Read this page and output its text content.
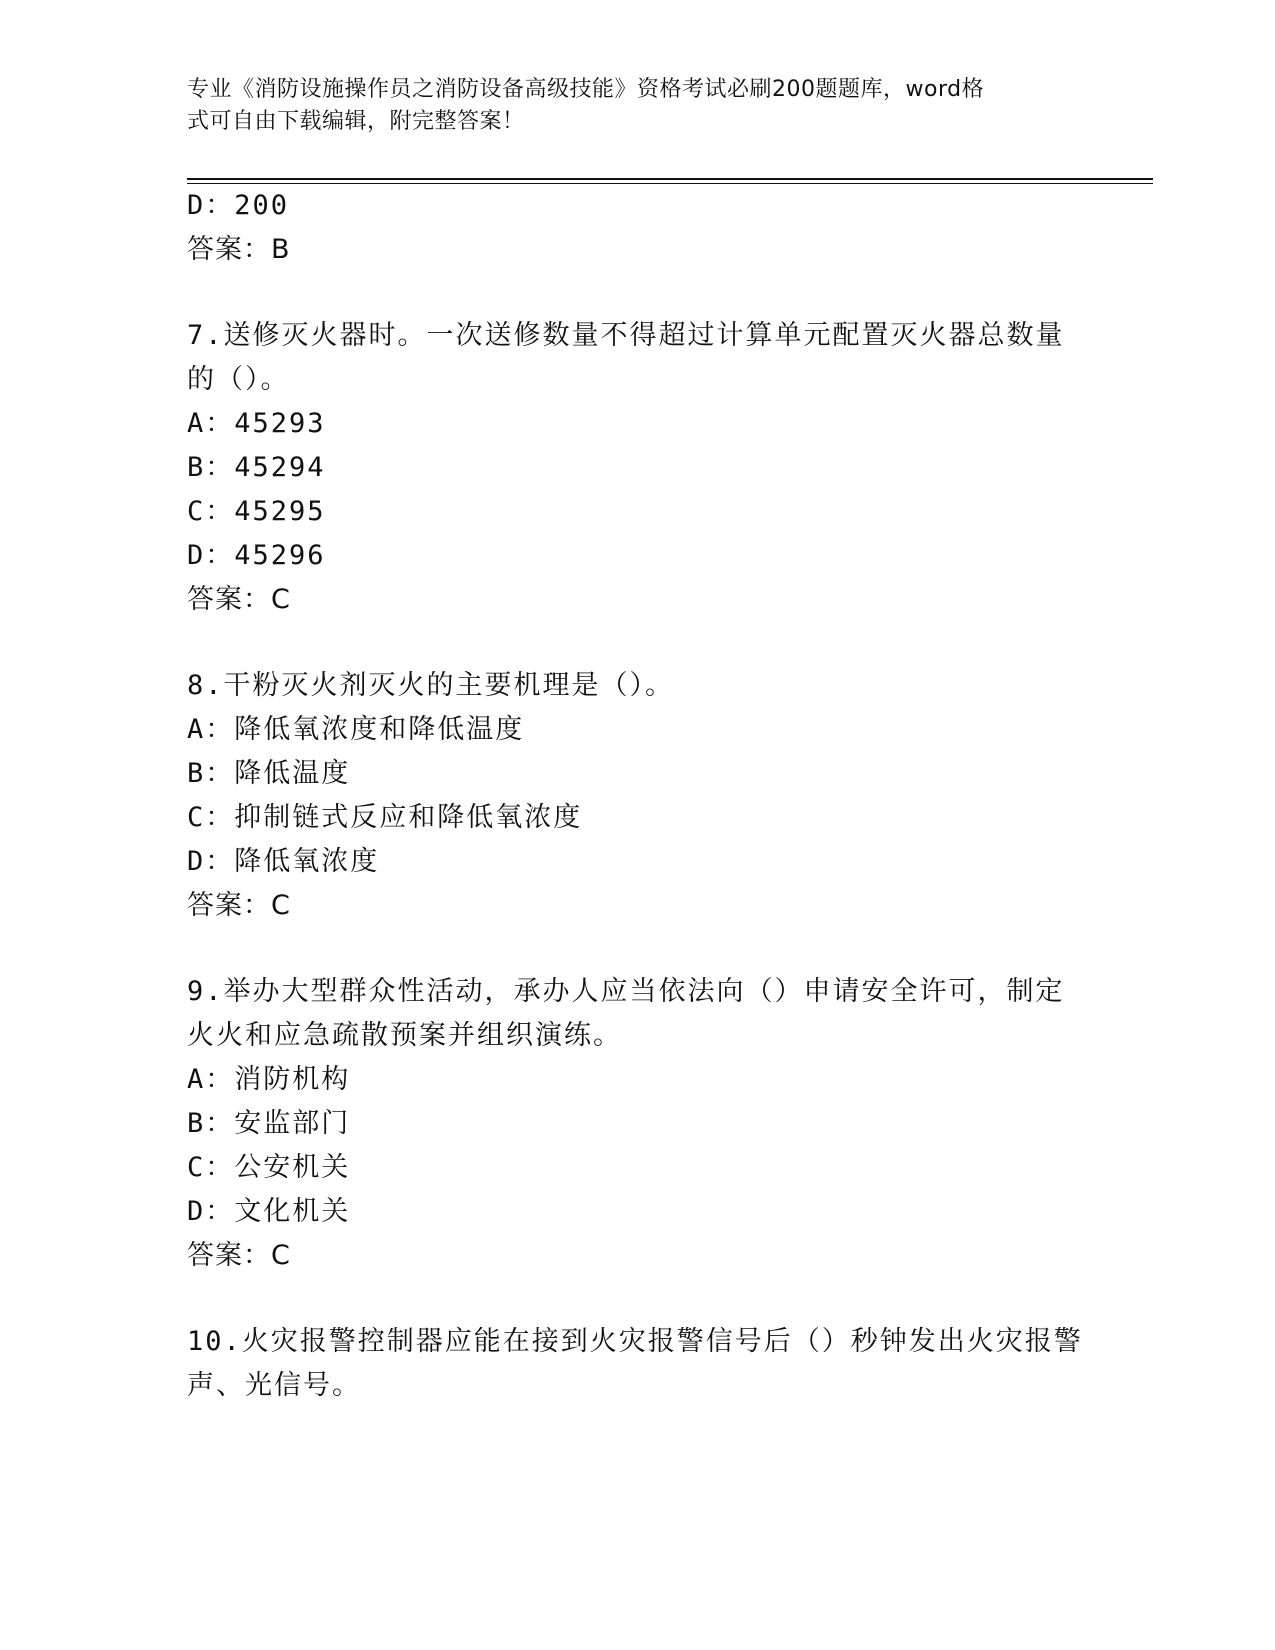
专业《消防设施操作员之消防设备高级技能》资格考试必刷200题题库，word格
式可自由下载编辑，附完整答案！
D：200
答案：B
7.送修灭火器时。一次送修数量不得超过计算单元配置灭火器总数量
的（）。
A：45293
B：45294
C：45295
D：45296
答案：C
8.干粉灭火剂灭火的主要机理是（）。
A：降低氧浓度和降低温度
B：降低温度
C：抑制链式反应和降低氧浓度
D：降低氧浓度
答案：C
9.举办大型群众性活动，承办人应当依法向（）申请安全许可，制定
火火和应急疏散预案并组织演练。
A：消防机构
B：安监部门
C：公安机关
D：文化机关
答案：C
10.火灾报警控制器应能在接到火灾报警信号后（）秒钟发出火灾报警
声、光信号。
